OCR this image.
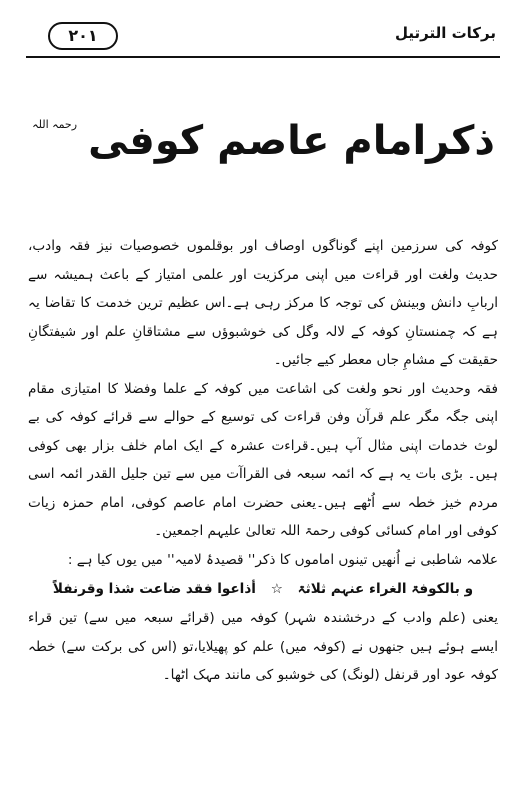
۲۰۱	برکات الترتیل
ذکرامام عاصم کوفی $^{رحمہ اللہ}$

کوفہ کی سرزمین اپنے گوناگوں اوصاف اور بوقلموں خصوصیات نیز فقہ وادب، حدیث ولغت اور قراءت میں اپنی مرکزیت اور علمی امتیاز کے باعث ہمیشہ سے اربابِ دانش وبینش کی توجہ کا مرکز رہی ہے۔اس عظیم ترین خدمت کا تقاضا یہ ہے کہ چمنستانِ کوفہ کے لالہ وگل کی خوشبوؤں سے مشتاقانِ علم اور شیفتگانِ حقیقت کے مشامِ جاں معطر کیے جائیں۔

فقہ وحدیث اور نحو ولغت کی اشاعت میں کوفہ کے علما وفضلا کا امتیازی مقام اپنی جگہ مگر علم قرآن وفن قراءت کی توسیع کے حوالے سے قرائے کوفہ کی بے لوث خدمات اپنی مثال آپ ہیں۔قراءت عشرہ کے ایک امام خلف بزار بھی کوفی ہیں۔ بڑی بات یہ ہے کہ ائمہ سبعہ فی القراآت میں سے تین جلیل القدر ائمہ اسی مردم خیز خطہ سے اُٹھے ہیں۔یعنی حضرت امام عاصم کوفی، امام حمزہ زیات کوفی اور امام کسائی کوفی رحمۃ اللہ تعالیٰ علیہم اجمعین۔

علامہ شاطبی نے اُنھیں تینوں اماموں کا ذکر'' قصیدۂ لامیہ'' میں یوں کیا ہے :

و بالکوفۃ الغراء عنہم ثلاثۃ ☆ أذاعوا فقد ضاعت شذا وقرنفلاً

یعنی (علم وادب کے درخشندہ شہر) کوفہ میں (قرائے سبعہ میں سے) تین قراء ایسے ہوئے ہیں جنھوں نے (کوفہ میں) علم کو پھیلایا،تو (اس کی برکت سے) خطہ کوفہ عود اور قرنفل (لونگ) کی خوشبو کی مانند مہک اٹھا۔
